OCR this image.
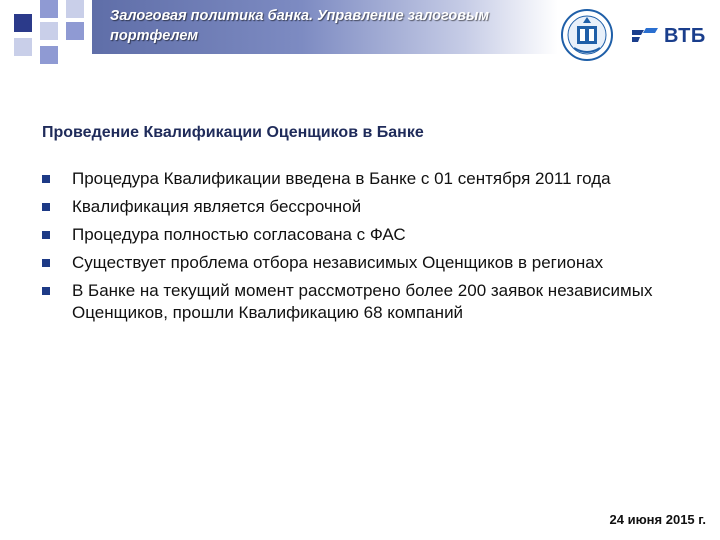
Залоговая политика банка. Управление залоговым портфелем	ВТБ
Проведение Квалификации Оценщиков в Банке
Процедура Квалификации введена в Банке с 01 сентября 2011 года
Квалификация является бессрочной
Процедура полностью согласована с ФАС
Существует проблема отбора независимых Оценщиков в регионах
В Банке на текущий момент рассмотрено более 200 заявок независимых Оценщиков, прошли Квалификацию 68 компаний
24 июня 2015 г.
